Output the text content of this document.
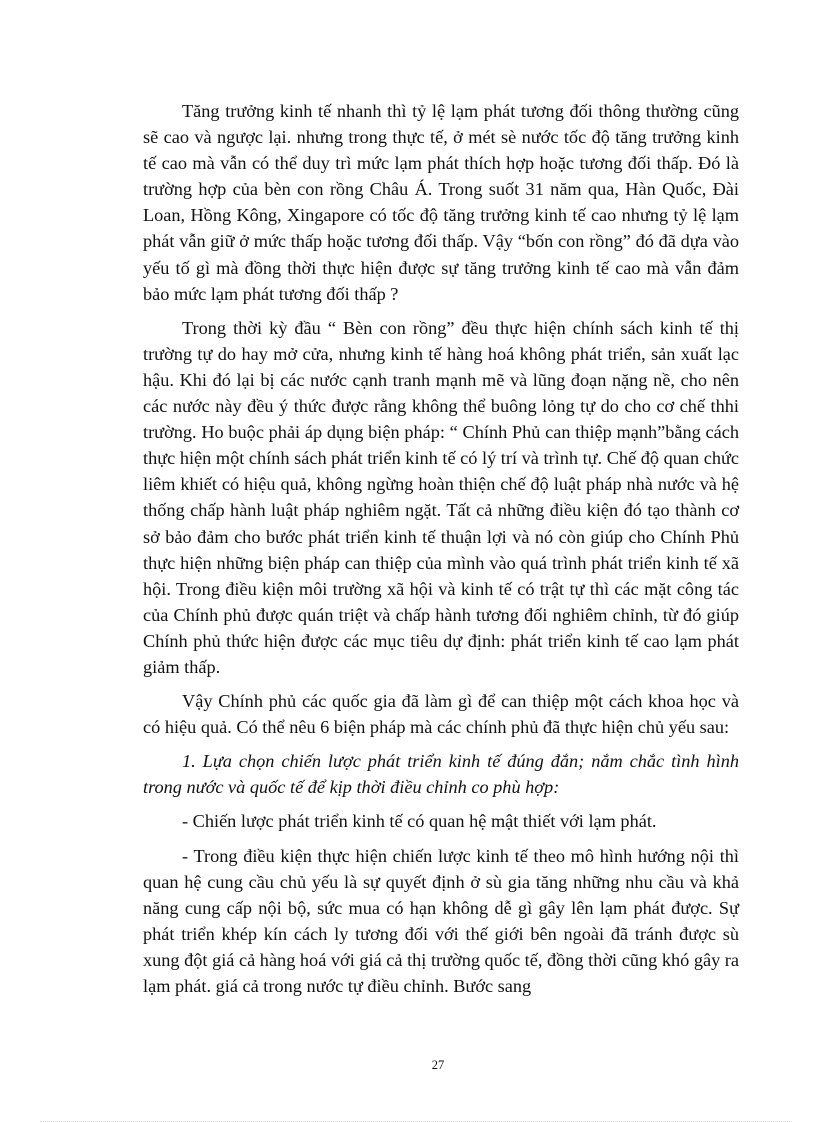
Tăng trưởng kinh tế nhanh thì tỷ lệ lạm phát tương đối thông thường cũng sẽ cao và ngược lại. nhưng trong thực tế, ở mét sè nước tốc độ tăng trưởng kinh tế cao mà vẫn có thể duy trì mức lạm phát thích hợp hoặc tương đối thấp. Đó là trường hợp của bèn con rồng Châu Á. Trong suốt 31 năm qua, Hàn Quốc, Đài Loan, Hồng Kông, Xingapore có tốc độ tăng trưởng kinh tế cao nhưng tỷ lệ lạm phát vẫn giữ ở mức thấp hoặc tương đối thấp. Vậy “bốn con rồng” đó đã dựa vào yếu tố gì mà đồng thời thực hiện được sự tăng trưởng kinh tế cao mà vẫn đảm bảo mức lạm phát tương đối thấp ?

Trong thời kỳ đầu “ Bèn con rồng” đều thực hiện chính sách kinh tế thị trường tự do hay mở cửa, nhưng kinh tế hàng hoá không phát triển, sản xuất lạc hậu. Khi đó lại bị các nước cạnh tranh mạnh mẽ và lũng đoạn nặng nề, cho nên các nước này đều ý thức được rằng không thể buông lỏng tự do cho cơ chế thhi trường. Ho buộc phải áp dụng biện pháp: “ Chính Phủ can thiệp mạnh”bằng cách thực hiện một chính sách phát triển kinh tế có lý trí và trình tự. Chế độ quan chức liêm khiết có hiệu quả, không ngừng hoàn thiện chế độ luật pháp nhà nước và hệ thống chấp hành luật pháp nghiêm ngặt. Tất cả những điều kiện đó tạo thành cơ sở bảo đảm cho bước phát triển kinh tế thuận lợi và nó còn giúp cho Chính Phủ thực hiện những biện pháp can thiệp của mình vào quá trình phát triển kinh tế xã hội. Trong điều kiện môi trường xã hội và kinh tế có trật tự thì các mặt công tác của Chính phủ được quán triệt và chấp hành tương đối nghiêm chỉnh, từ đó giúp Chính phủ thức hiện được các mục tiêu dự định: phát triển kinh tế cao lạm phát giảm thấp.

Vậy Chính phủ các quốc gia đã làm gì để can thiệp một cách khoa học và có hiệu quả. Có thể nêu 6 biện pháp mà các chính phủ đã thực hiện chủ yếu sau:

1. Lựa chọn chiến lược phát triển kinh tế đúng đắn; nắm chắc tình hình trong nước và quốc tế để kịp thời điều chỉnh co phù hợp:

- Chiến lược phát triển kinh tế có quan hệ mật thiết với lạm phát.

- Trong điều kiện thực hiện chiến lược kinh tế theo mô hình hướng nội thì quan hệ cung cầu chủ yếu là sự quyết định ở sù gia tăng những nhu cầu và khả năng cung cấp nội bộ, sức mua có hạn không dễ gì gây lên lạm phát được. Sự phát triển khép kín cách ly tương đối với thế giới bên ngoài đã tránh được sù xung đột giá cả hàng hoá với giá cả thị trường quốc tế, đồng thời cũng khó gây ra lạm phát. giá cả trong nước tự điều chỉnh. Bước sang

27
